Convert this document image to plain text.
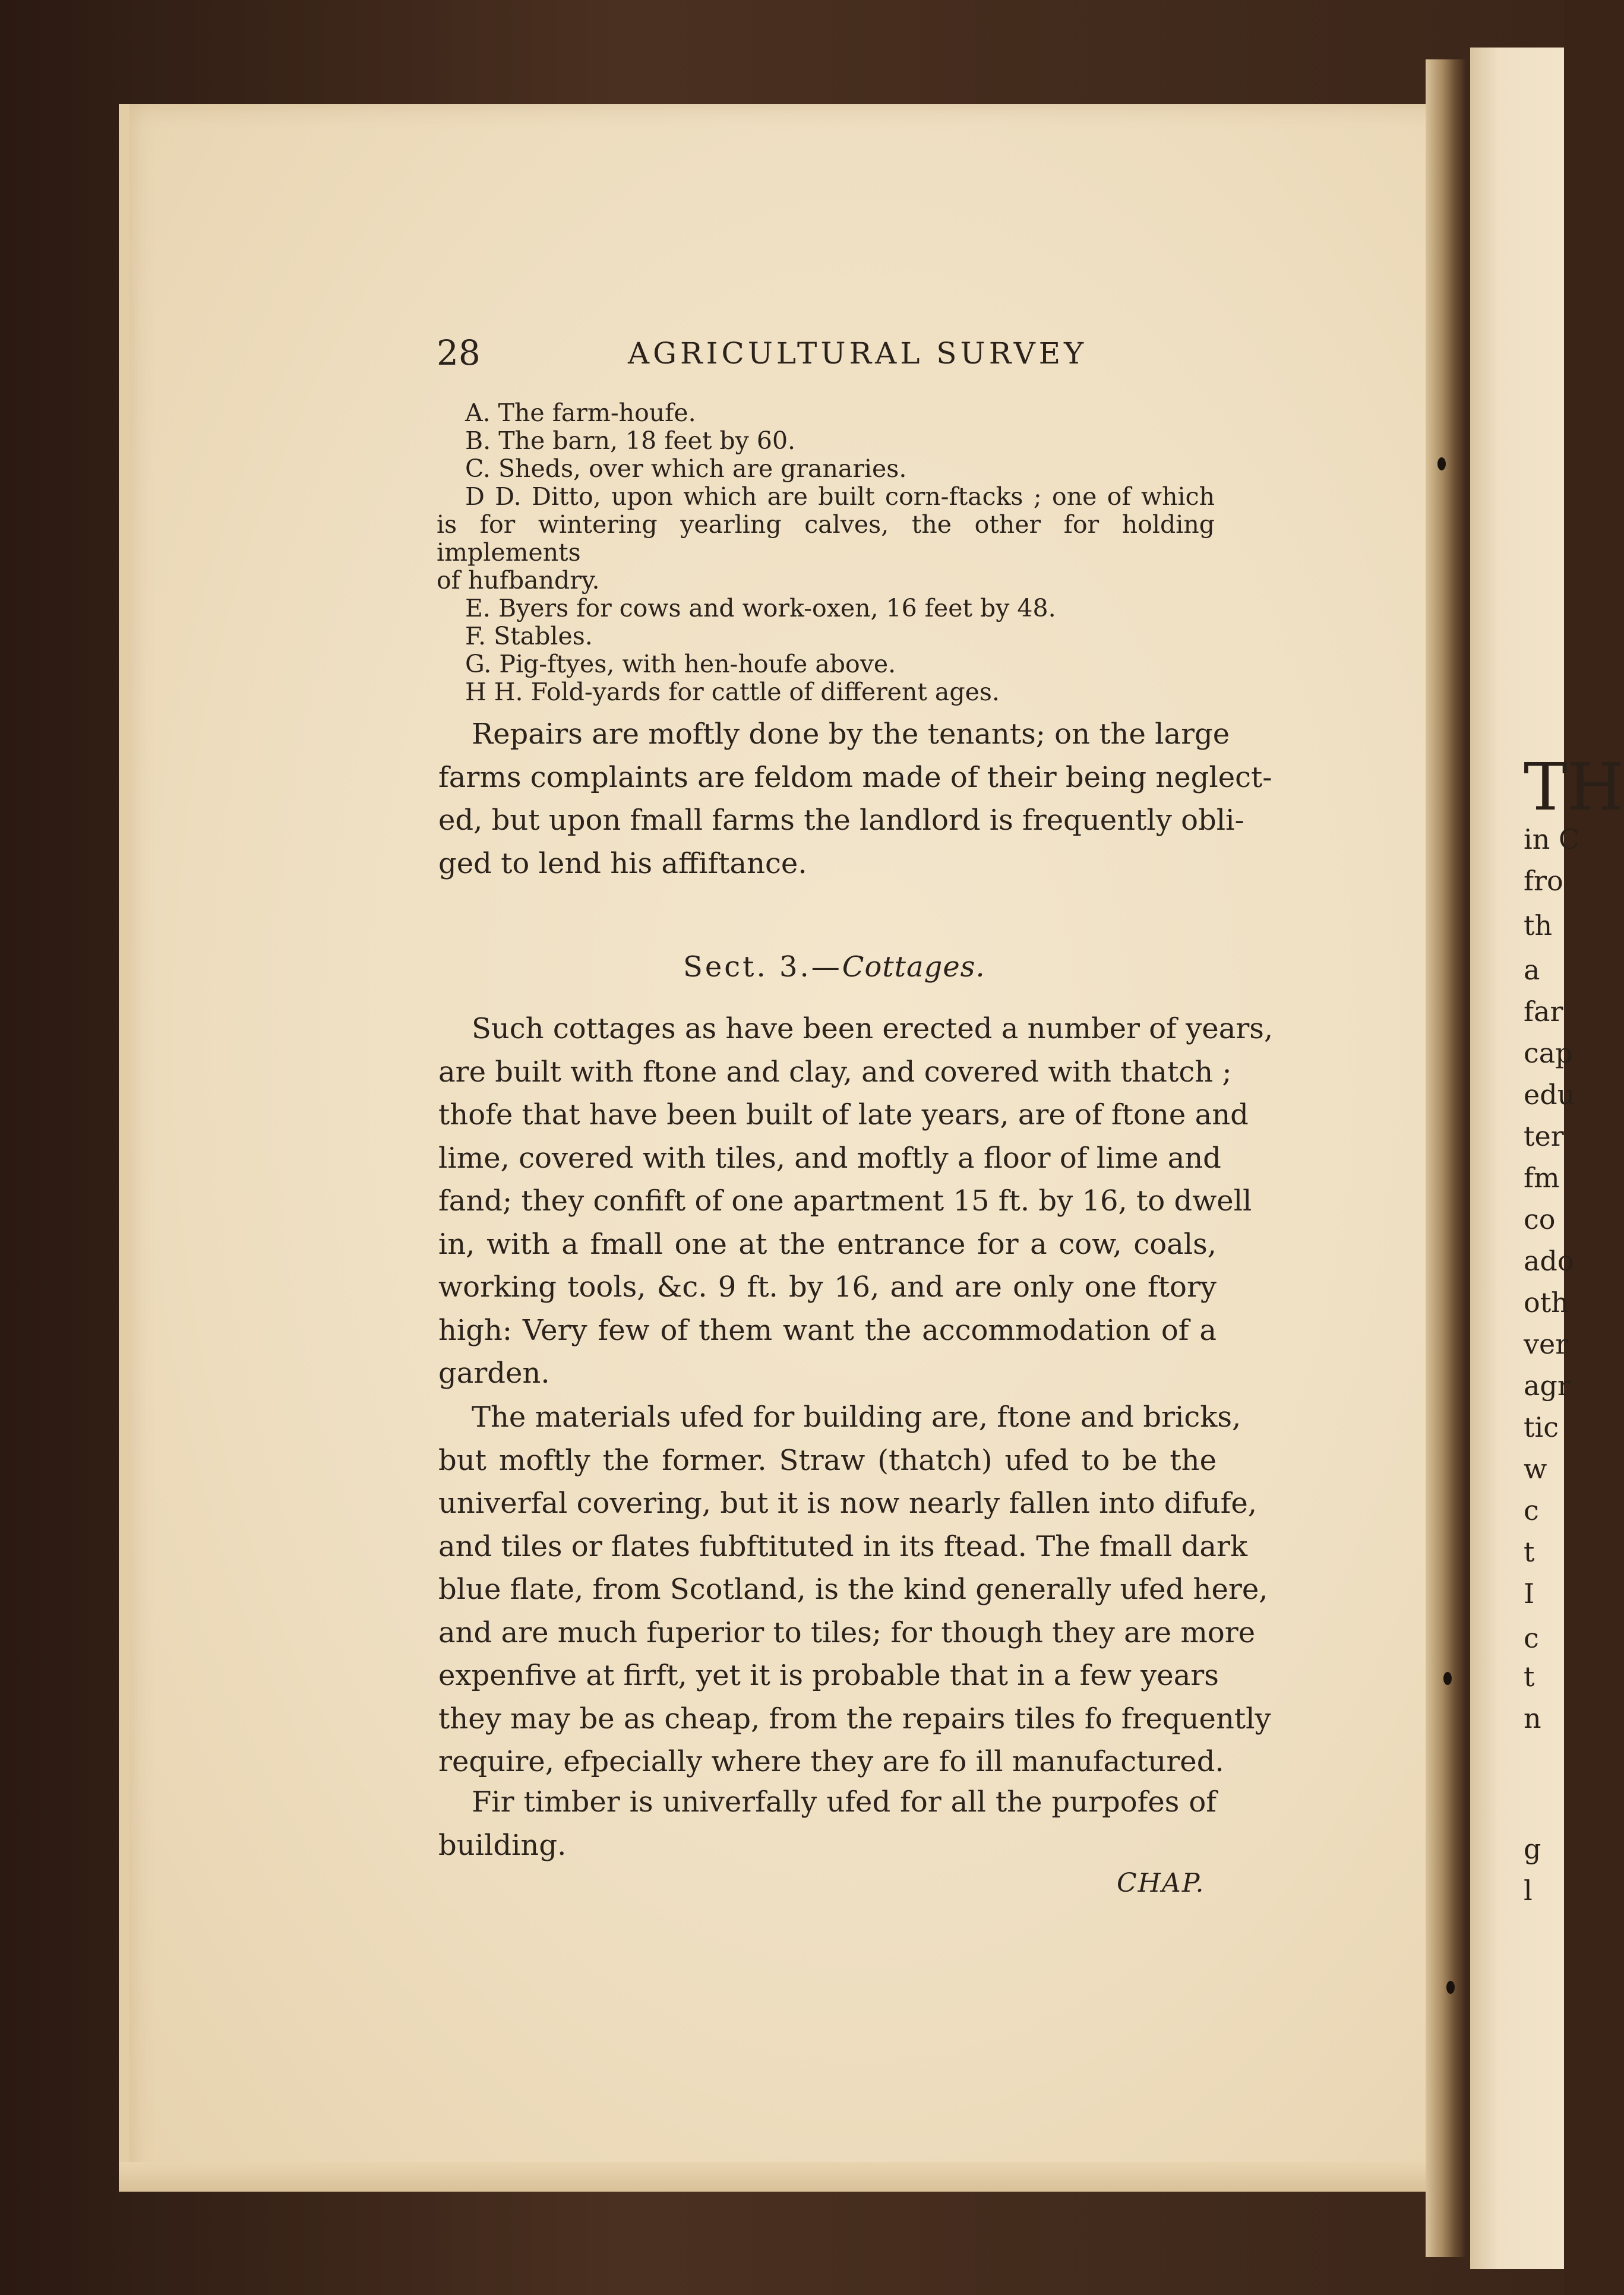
TH
in C
fro
th
a
far
cap
edu
ter
fm
co
ado
oth
ver
agr
tic
w
c
t
I
c
t
n
g
l
28	AGRICULTURAL SURVEY
A. The farm-houfe.
B. The barn, 18 feet by 60.
C. Sheds, over which are granaries.
D D. Ditto, upon which are built corn-ftacks ; one of which
is for wintering yearling calves, the other for holding implements
of hufbandry.
E. Byers for cows and work-oxen, 16 feet by 48.
F. Stables.
G. Pig-ftyes, with hen-houfe above.
H H. Fold-yards for cattle of different ages.
Repairs are moftly done by the tenants; on the large
farms complaints are feldom made of their being neglect-
ed, but upon fmall farms the landlord is frequently obli-
ged to lend his affiftance.
Sect. 3.—Cottages.
Such cottages as have been erected a number of years,
are built with ftone and clay, and covered with thatch ;
thofe that have been built of late years, are of ftone and
lime, covered with tiles, and moftly a floor of lime and
fand; they confift of one apartment 15 ft. by 16, to dwell
in, with a fmall one at the entrance for a cow, coals,
working tools, &c. 9 ft. by 16, and are only one ftory
high: Very few of them want the accommodation of a
garden.
The materials ufed for building are, ftone and bricks,
but moftly the former. Straw (thatch) ufed to be the
univerfal covering, but it is now nearly fallen into difufe,
and tiles or flates fubftituted in its ftead. The fmall dark
blue flate, from Scotland, is the kind generally ufed here,
and are much fuperior to tiles; for though they are more
expenfive at firft, yet it is probable that in a few years
they may be as cheap, from the repairs tiles fo frequently
require, efpecially where they are fo ill manufactured.
Fir timber is univerfally ufed for all the purpofes of
building.
CHAP.
